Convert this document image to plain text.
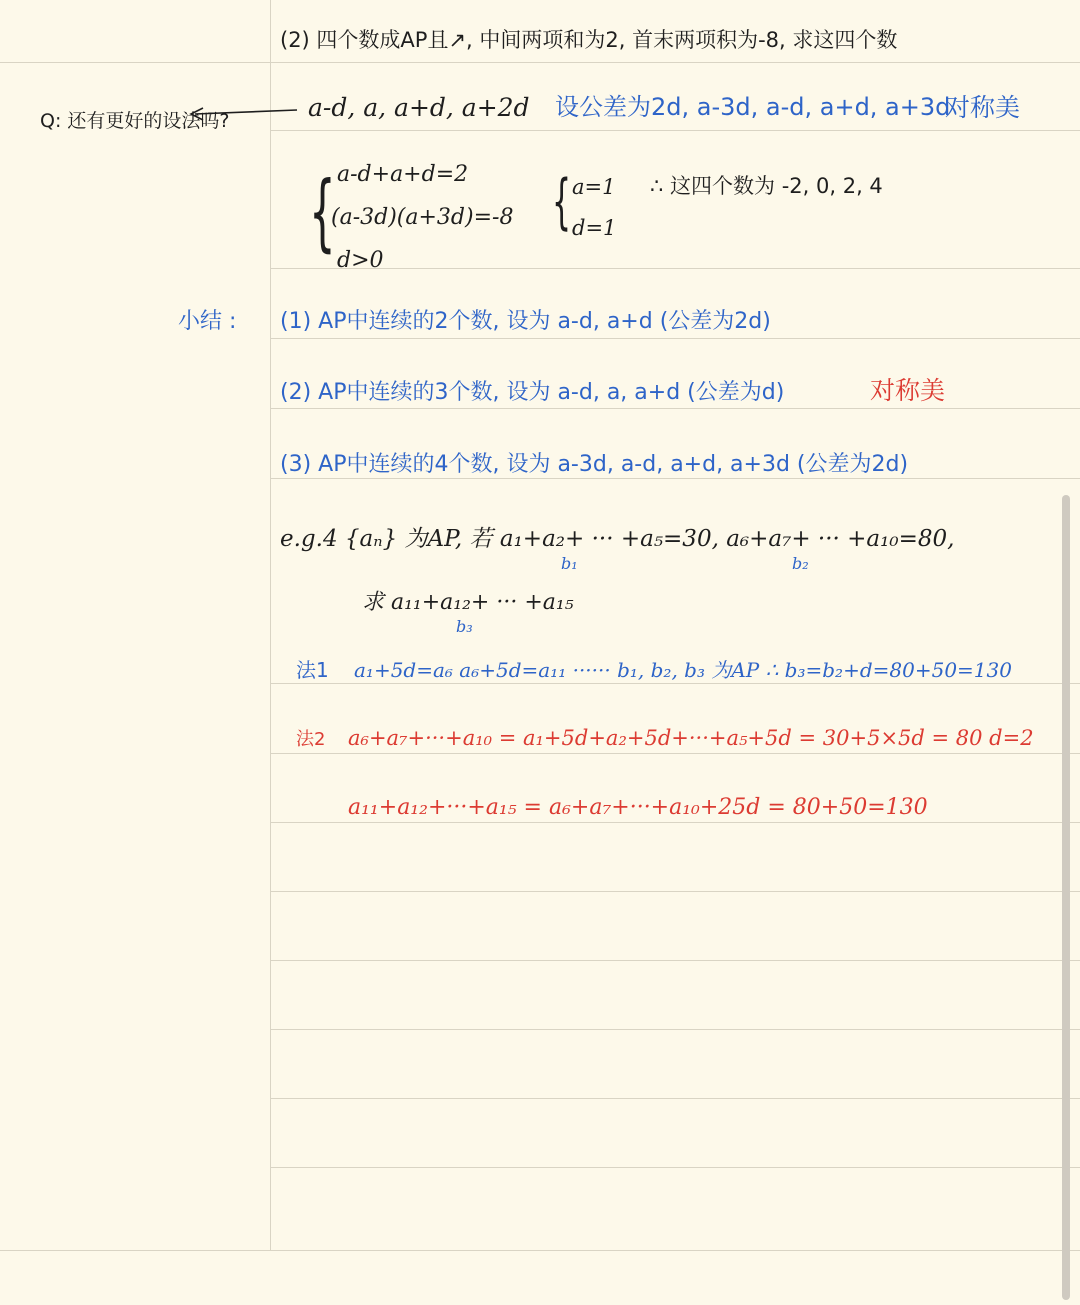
(2) 四个数成AP且↗, 中间两项和为2, 首末两项积为-8, 求这四个数
Q: 还有更好的设法吗?	a-d, a, a+d, a+2d 设公差为2d, a-3d, a-d, a+d, a+3d
对称美
{ a-d+a+d=2
(a-3d)(a+3d)=-8
d>0
{ a=1
d=1
∴ 这四个数为 -2, 0, 2, 4
小结 : (1) AP中连续的2个数, 设为 a-d, a+d (公差为2d)
(2) AP中连续的3个数, 设为 a-d, a, a+d (公差为d)	对称美
(3) AP中连续的4个数, 设为 a-3d, a-d, a+d, a+3d (公差为2d)
e.g.4 {aₙ} 为AP, 若 a₁+a₂+ ··· +a₅=30, a₆+a₇+ ··· +a₁₀=80,
b₁	b₂
求 a₁₁+a₁₂+ ··· +a₁₅
b₃
法1 a₁+5d=a₆ a₆+5d=a₁₁ ······ b₁, b₂, b₃ 为AP ∴ b₃=b₂+d=80+50=130
法2 a₆+a₇+···+a₁₀ = a₁+5d+a₂+5d+···+a₅+5d = 30+5×5d = 80 d=2
a₁₁+a₁₂+···+a₁₅ = a₆+a₇+···+a₁₀+25d = 80+50=130
